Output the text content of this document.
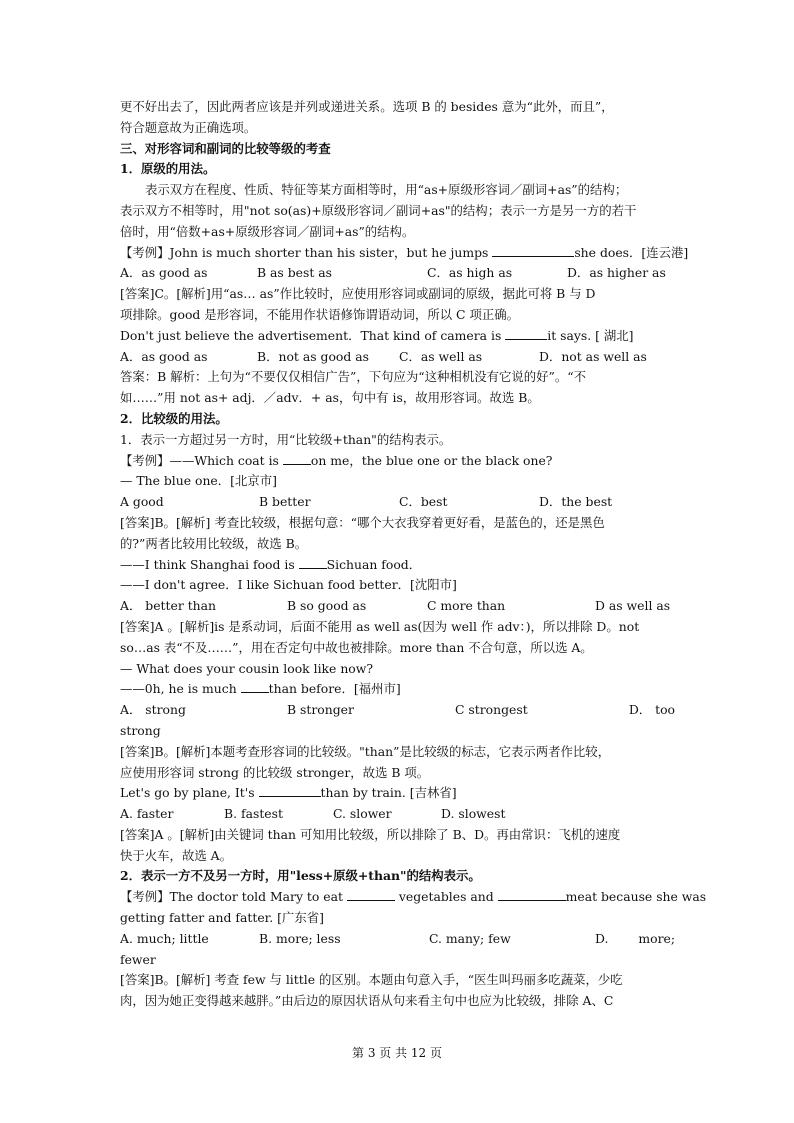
更不好出去了，因此两者应该是并列或递进关系。选项 B 的 besides 意为“此外，而且”，
符合题意故为正确选项。
三、对形容词和副词的比较等级的考查
1．原级的用法。
表示双方在程度、性质、特征等某方面相等时，用“as+原级形容词／副词+as”的结构；
表示双方不相等时，用"not so(as)+原级形容词／副词+as"的结构；表示一方是另一方的若干
倍时，用“倍数+as+原级形容词／副词+as”的结构。
【考例】John is much shorter than his sister，but he jumps	she does．[连云港]
A．as good as	B as best as	C．as high as	D．as higher as
[答案]C。[解析]用“as… as”作比较时，应使用形容词或副词的原级，据此可将 B 与 D
项排除。good 是形容词，不能用作状语修饰谓语动词，所以 C 项正确。
Don't just believe the advertisement．That kind of camera is	it says. [ 湖北]
A．as good as	B．not as good as	C．as well as	D．not as well as
答案：B 解析：上句为“不要仅仅相信广告”，下句应为“这种相机没有它说的好”。“不
如……”用 not as+ adj．／adv．+ as，句中有 is，故用形容词。故选 B。
2．比较级的用法。
1．表示一方超过另一方时，用“比较级+than"的结构表示。
【考例】——Which coat is on me，the blue one or the black one?
— The blue one．[北京市]
A good	B better	C．best	D．the best
[答案]B。[解析] 考查比较级，根据句意：“哪个大衣我穿着更好看，是蓝色的，还是黑色
的?”两者比较用比较级，故选 B。
——I think Shanghai food is Sichuan food．
——I don't agree．I like Sichuan food better．[沈阳市]
A． better than	B so good as	C more than	D as well as
[答案]A 。[解析]is 是系动词，后面不能用 as well as(因为 well 作 adv：)，所以排除 D。not
so…as 表“不及……”，用在否定句中故也被排除。more than 不合句意，所以选 A。
— What does your cousin look like now?
——0h, he is much than before．[福州市]
A． strong	B stronger	C strongest	D． too
strong
[答案]B。[解析]本题考查形容词的比较级。"than”是比较级的标志，它表示两者作比较，
应使用形容词 strong 的比较级 stronger，故选 B 项。
Let's go by plane, It's	than by train. [吉林省]
A. faster	B. fastest	C. slower	D. slowest
[答案]A 。[解析]由关键词 than 可知用比较级，所以排除了 B、D。再由常识：飞机的速度
快于火车，故选 A。
2．表示一方不及另一方时，用"less+原级+than"的结构表示。
【考例】The doctor told Mary to eat	vegetables and	meat because she was
getting fatter and fatter. [广东省]
A. much; little	B. more; less	C. many; few	D.	more;
fewer
[答案]B。[解析] 考查 few 与 little 的区别。本题由句意入手，“医生叫玛丽多吃蔬菜，少吃
肉，因为她正变得越来越胖。”由后边的原因状语从句来看主句中也应为比较级，排除 A、C
第 3 页 共 12 页
